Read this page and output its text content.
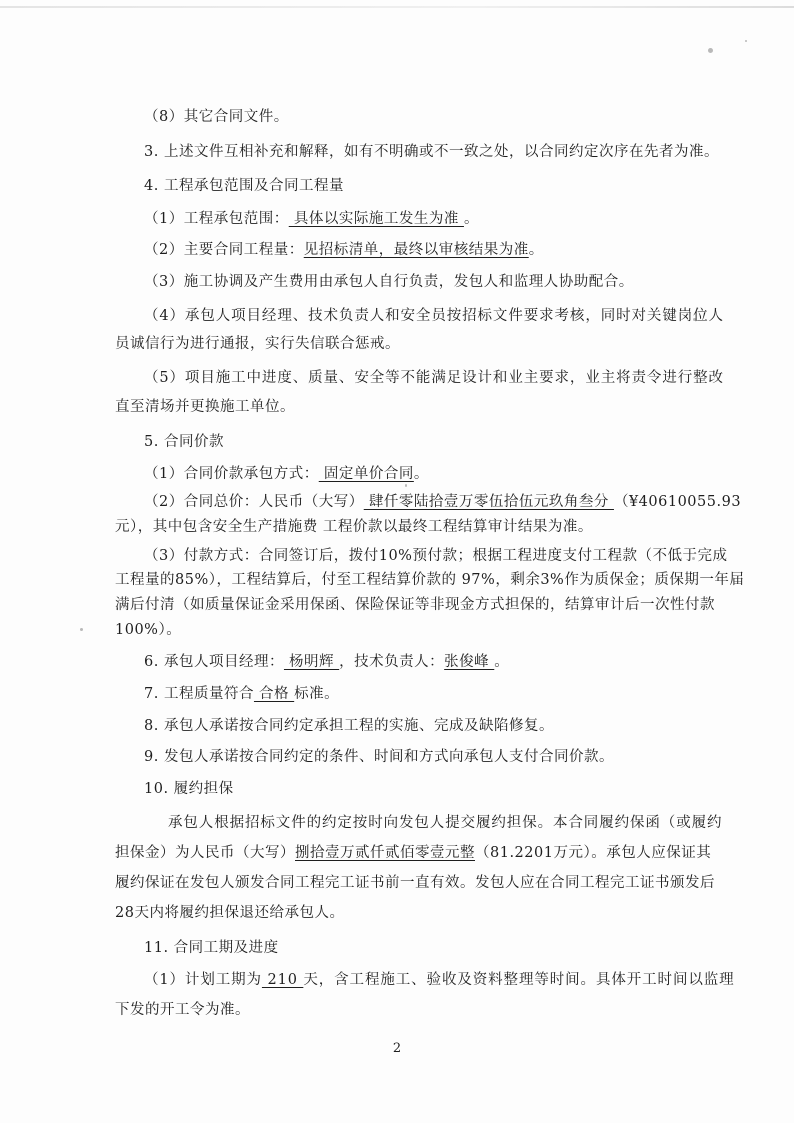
（8）其它合同文件。
3. 上述文件互相补充和解释，如有不明确或不一致之处，以合同约定次序在先者为准。
4. 工程承包范围及合同工程量
（1）工程承包范围： 具体以实际施工发生为准 。
（2）主要合同工程量：见招标清单，最终以审核结果为准。
（3）施工协调及产生费用由承包人自行负责，发包人和监理人协助配合。
（4）承包人项目经理、技术负责人和安全员按招标文件要求考核，同时对关键岗位人
员诚信行为进行通报，实行失信联合惩戒。
（5）项目施工中进度、质量、安全等不能满足设计和业主要求，业主将责令进行整改
直至清场并更换施工单位。
5. 合同价款
（1）合同价款承包方式： 固定单价合同。
（2）合同总价：人民币（大写） 肆仟零陆拾壹万零伍拾伍元玖角叁分 （¥40610055.93
元），其中包含安全生产措施费 工程价款以最终工程结算审计结果为准。
（3）付款方式：合同签订后，拨付10%预付款；根据工程进度支付工程款（不低于完成
工程量的85%），工程结算后，付至工程结算价款的 97%，剩余3%作为质保金；质保期一年届
满后付清（如质量保证金采用保函、保险保证等非现金方式担保的，结算审计后一次性付款
100%）。
6. 承包人项目经理： 杨明辉 ，技术负责人：张俊峰 。
7. 工程质量符合 合格 标准。
8. 承包人承诺按合同约定承担工程的实施、完成及缺陷修复。
9. 发包人承诺按合同约定的条件、时间和方式向承包人支付合同价款。
10. 履约担保
承包人根据招标文件的约定按时向发包人提交履约担保。本合同履约保函（或履约
担保金）为人民币（大写）捌拾壹万贰仟贰佰零壹元整（81.2201万元）。承包人应保证其
履约保证在发包人颁发合同工程完工证书前一直有效。发包人应在合同工程完工证书颁发后
28天内将履约担保退还给承包人。
11. 合同工期及进度
（1）计划工期为 210 天，含工程施工、验收及资料整理等时间。具体开工时间以监理
下发的开工令为准。
2
